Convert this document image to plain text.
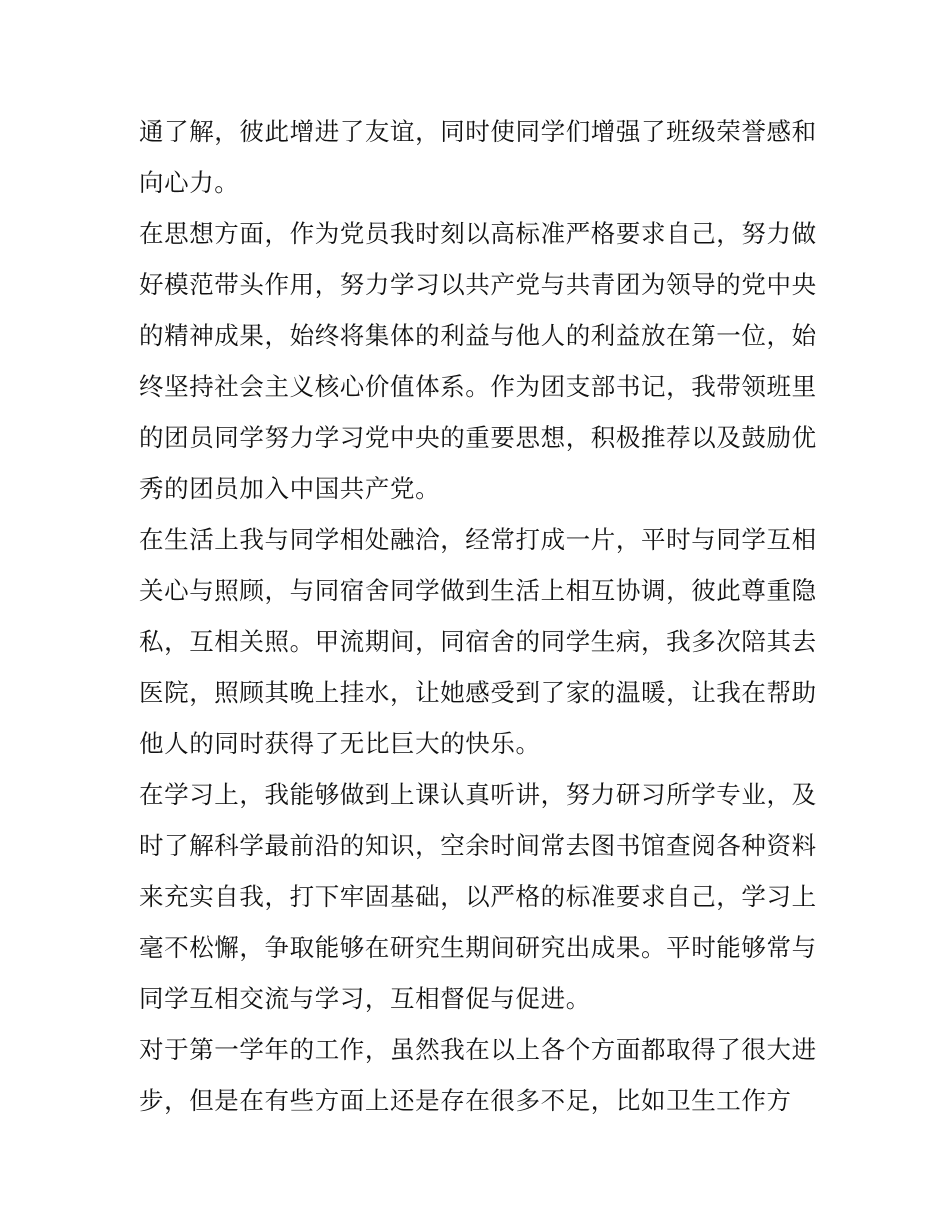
通了解，彼此增进了友谊，同时使同学们增强了班级荣誉感和
向心力。
在思想方面，作为党员我时刻以高标准严格要求自己，努力做
好模范带头作用，努力学习以共产党与共青团为领导的党中央
的精神成果，始终将集体的利益与他人的利益放在第一位，始
终坚持社会主义核心价值体系。作为团支部书记，我带领班里
的团员同学努力学习党中央的重要思想，积极推荐以及鼓励优
秀的团员加入中国共产党。
在生活上我与同学相处融洽，经常打成一片，平时与同学互相
关心与照顾，与同宿舍同学做到生活上相互协调，彼此尊重隐
私，互相关照。甲流期间，同宿舍的同学生病，我多次陪其去
医院，照顾其晚上挂水，让她感受到了家的温暖，让我在帮助
他人的同时获得了无比巨大的快乐。
在学习上，我能够做到上课认真听讲，努力研习所学专业，及
时了解科学最前沿的知识，空余时间常去图书馆查阅各种资料
来充实自我，打下牢固基础，以严格的标准要求自己，学习上
毫不松懈，争取能够在研究生期间研究出成果。平时能够常与
同学互相交流与学习，互相督促与促进。
对于第一学年的工作，虽然我在以上各个方面都取得了很大进
步，但是在有些方面上还是存在很多不足，比如卫生工作方
